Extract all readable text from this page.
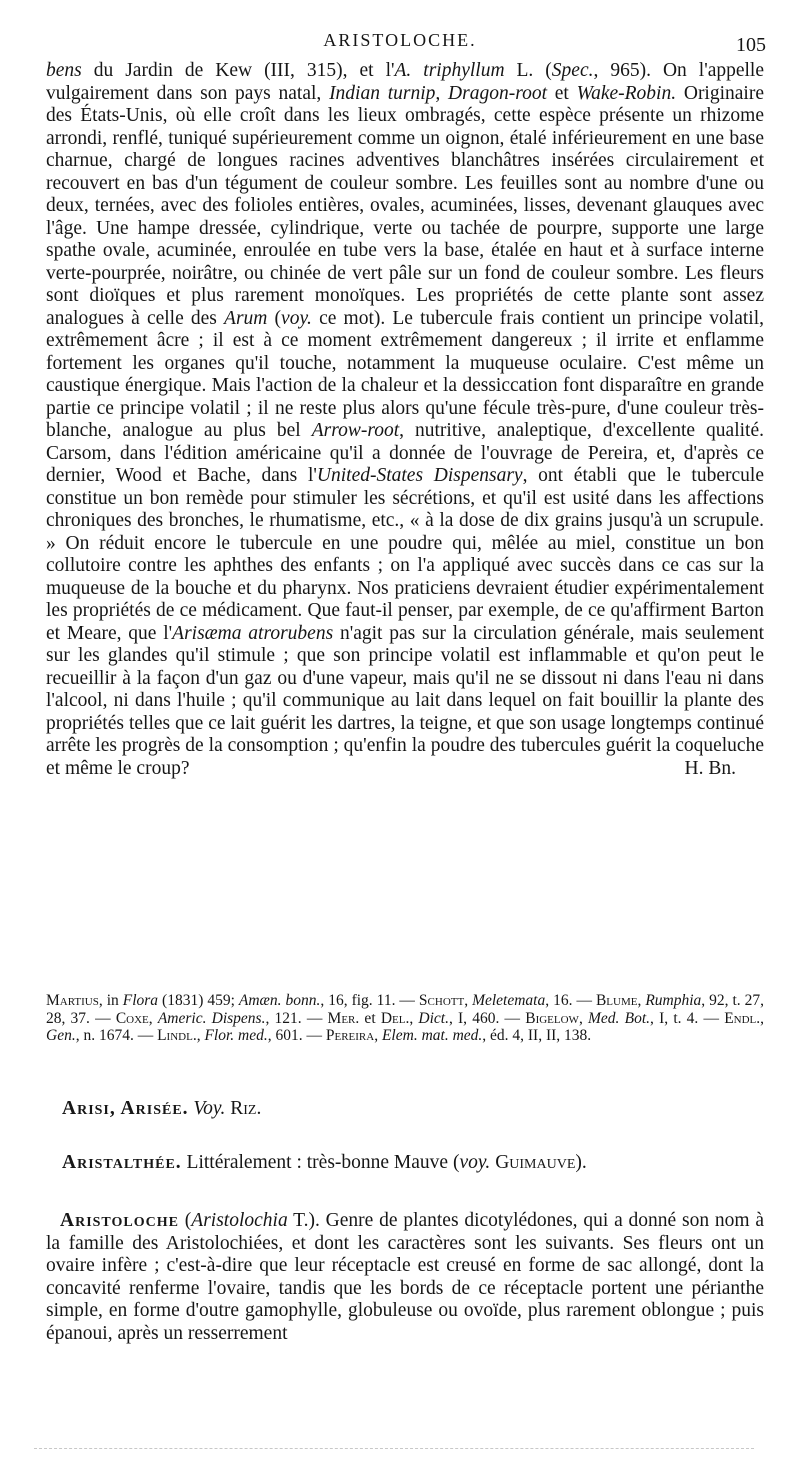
ARISTOLOCHE.	105

bens du Jardin de Kew (III, 315), et l'A. triphyllum L. (Spec., 965). On l'appelle vulgairement dans son pays natal, Indian turnip, Dragon-root et Wake-Robin. Originaire des États-Unis, où elle croît dans les lieux ombragés, cette espèce présente un rhizome arrondi, renflé, tuniqué supérieurement comme un oignon, étalé inférieurement en une base charnue, chargé de longues racines adventives blanchâtres insérées circulairement et recouvert en bas d'un tégument de couleur sombre. Les feuilles sont au nombre d'une ou deux, ternées, avec des folioles entières, ovales, acuminées, lisses, devenant glauques avec l'âge. Une hampe dressée, cylindrique, verte ou tachée de pourpre, supporte une large spathe ovale, acuminée, enroulée en tube vers la base, étalée en haut et à surface interne verte-pourprée, noirâtre, ou chinée de vert pâle sur un fond de couleur sombre. Les fleurs sont dioïques et plus rarement monoïques. Les propriétés de cette plante sont assez analogues à celle des Arum (voy. ce mot). Le tubercule frais contient un principe volatil, extrêmement âcre ; il est à ce moment extrêmement dangereux ; il irrite et enflamme fortement les organes qu'il touche, notamment la muqueuse oculaire. C'est même un caustique énergique. Mais l'action de la chaleur et la dessiccation font disparaître en grande partie ce principe volatil ; il ne reste plus alors qu'une fécule très-pure, d'une couleur très-blanche, analogue au plus bel Arrow-root, nutritive, analeptique, d'excellente qualité. Carsom, dans l'édition américaine qu'il a donnée de l'ouvrage de Pereira, et, d'après ce dernier, Wood et Bache, dans l'United-States Dispensary, ont établi que le tubercule constitue un bon remède pour stimuler les sécrétions, et qu'il est usité dans les affections chroniques des bronches, le rhumatisme, etc., « à la dose de dix grains jusqu'à un scrupule. » On réduit encore le tubercule en une poudre qui, mêlée au miel, constitue un bon collutoire contre les aphthes des enfants ; on l'a appliqué avec succès dans ce cas sur la muqueuse de la bouche et du pharynx. Nos praticiens devraient étudier expérimentalement les propriétés de ce médicament. Que faut-il penser, par exemple, de ce qu'affirment Barton et Meare, que l'Arisæma atrorubens n'agit pas sur la circulation générale, mais seulement sur les glandes qu'il stimule ; que son principe volatil est inflammable et qu'on peut le recueillir à la façon d'un gaz ou d'une vapeur, mais qu'il ne se dissout ni dans l'eau ni dans l'alcool, ni dans l'huile ; qu'il communique au lait dans lequel on fait bouillir la plante des propriétés telles que ce lait guérit les dartres, la teigne, et que son usage longtemps continué arrête les progrès de la consomption ; qu'enfin la poudre des tubercules guérit la coqueluche et même le croup?	H. Bn.

Martius, in Flora (1831) 459; Amæn. bonn., 16, fig. 11. — Schott, Meletemata, 16. — Blume, Rumphia, 92, t. 27, 28, 37. — Coxe, Americ. Dispens., 121. — Mer. et Del., Dict., I, 460. — Bigelow, Med. Bot., I, t. 4. — Endl., Gen., n. 1674. — Lindl., Flor. med., 601. — Pereira, Elem. mat. med., éd. 4, II, II, 138.
Arisi, Arisée. Voy. Riz.
Aristalthée. Littéralement : très-bonne Mauve (voy. Guimauve).

Aristoloche (Aristolochia T.). Genre de plantes dicotylédones, qui a donné son nom à la famille des Aristolochiées, et dont les caractères sont les suivants. Ses fleurs ont un ovaire infère ; c'est-à-dire que leur réceptacle est creusé en forme de sac allongé, dont la concavité renferme l'ovaire, tandis que les bords de ce réceptacle portent une périanthe simple, en forme d'outre gamophylle, globuleuse ou ovoïde, plus rarement oblongue ; puis épanoui, après un resserrement
